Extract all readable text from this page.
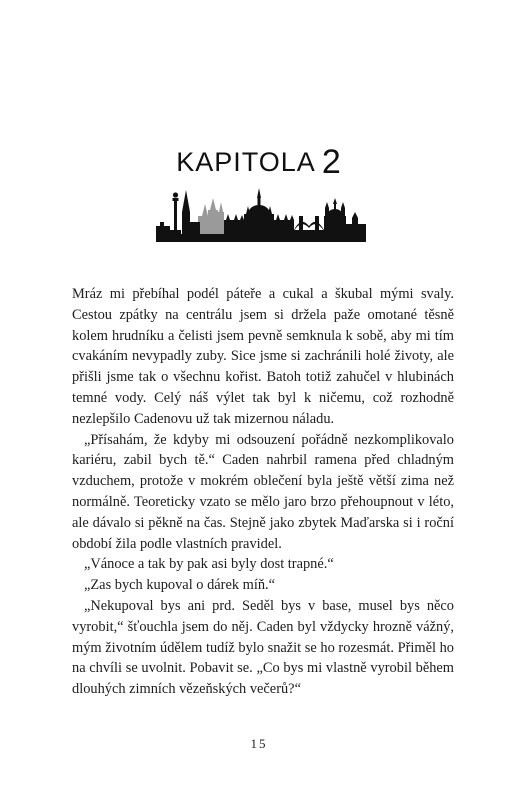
KAPITOLA 2

Mráz mi přebíhal podél páteře a cukal a škubal mými svaly. Cestou zpátky na centrálu jsem si držela paže omotané těsně kolem hrudníku a čelisti jsem pevně semknula k sobě, aby mi tím cvakáním nevypadly zuby. Sice jsme si zachránili holé životy, ale přišli jsme tak o všechnu kořist. Batoh totiž zahučel v hlubinách temné vody. Celý náš výlet tak byl k ničemu, což rozhodně nezlepšilo Cadenovu už tak mizernou náladu.

„Přísahám, že kdyby mi odsouzení pořádně nezkomplikovalo kariéru, zabil bych tě.“ Caden nahrbil ramena před chladným vzduchem, protože v mokrém oblečení byla ještě větší zima než normálně. Teoreticky vzato se mělo jaro brzo přehoupnout v léto, ale dávalo si pěkně na čas. Stejně jako zbytek Maďarska si i roční období žila podle vlastních pravidel.

„Vánoce a tak by pak asi byly dost trapné.“

„Zas bych kupoval o dárek míň.“

„Nekupoval bys ani prd. Seděl bys v base, musel bys něco vyrobit,“ šťouchla jsem do něj. Caden byl vždycky hrozně vážný, mým životním údělem tudíž bylo snažit se ho rozesmát. Přiměl ho na chvíli se uvolnit. Pobavit se. „Co bys mi vlastně vyrobil během dlouhých zimních vězeňských večerů?“

15
